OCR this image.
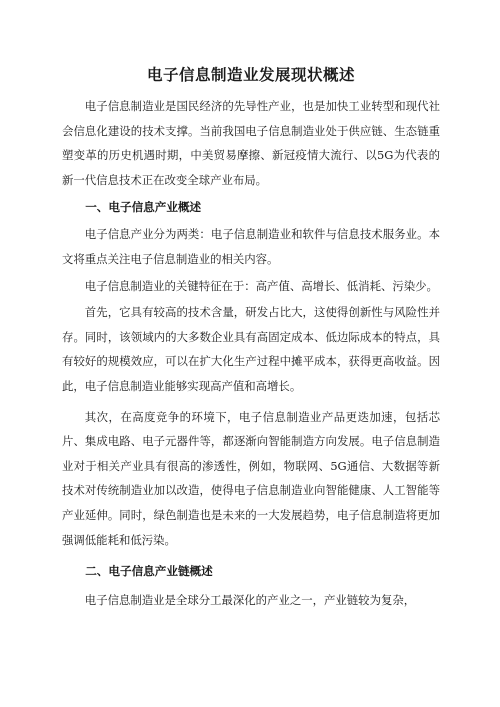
电子信息制造业发展现状概述

电子信息制造业是国民经济的先导性产业，也是加快工业转型和现代社会信息化建设的技术支撑。当前我国电子信息制造业处于供应链、生态链重塑变革的历史机遇时期，中美贸易摩擦、新冠疫情大流行、以5G为代表的新一代信息技术正在改变全球产业布局。

一、电子信息产业概述

电子信息产业分为两类：电子信息制造业和软件与信息技术服务业。本文将重点关注电子信息制造业的相关内容。

电子信息制造业的关键特征在于：高产值、高增长、低消耗、污染少。

首先，它具有较高的技术含量，研发占比大，这使得创新性与风险性并存。同时，该领域内的大多数企业具有高固定成本、低边际成本的特点，具有较好的规模效应，可以在扩大化生产过程中摊平成本，获得更高收益。因此，电子信息制造业能够实现高产值和高增长。

其次，在高度竞争的环境下，电子信息制造业产品更迭加速，包括芯片、集成电路、电子元器件等，都逐渐向智能制造方向发展。电子信息制造业对于相关产业具有很高的渗透性，例如，物联网、5G通信、大数据等新技术对传统制造业加以改造，使得电子信息制造业向智能健康、人工智能等产业延伸。同时，绿色制造也是未来的一大发展趋势，电子信息制造将更加强调低能耗和低污染。

二、电子信息产业链概述

电子信息制造业是全球分工最深化的产业之一，产业链较为复杂，
